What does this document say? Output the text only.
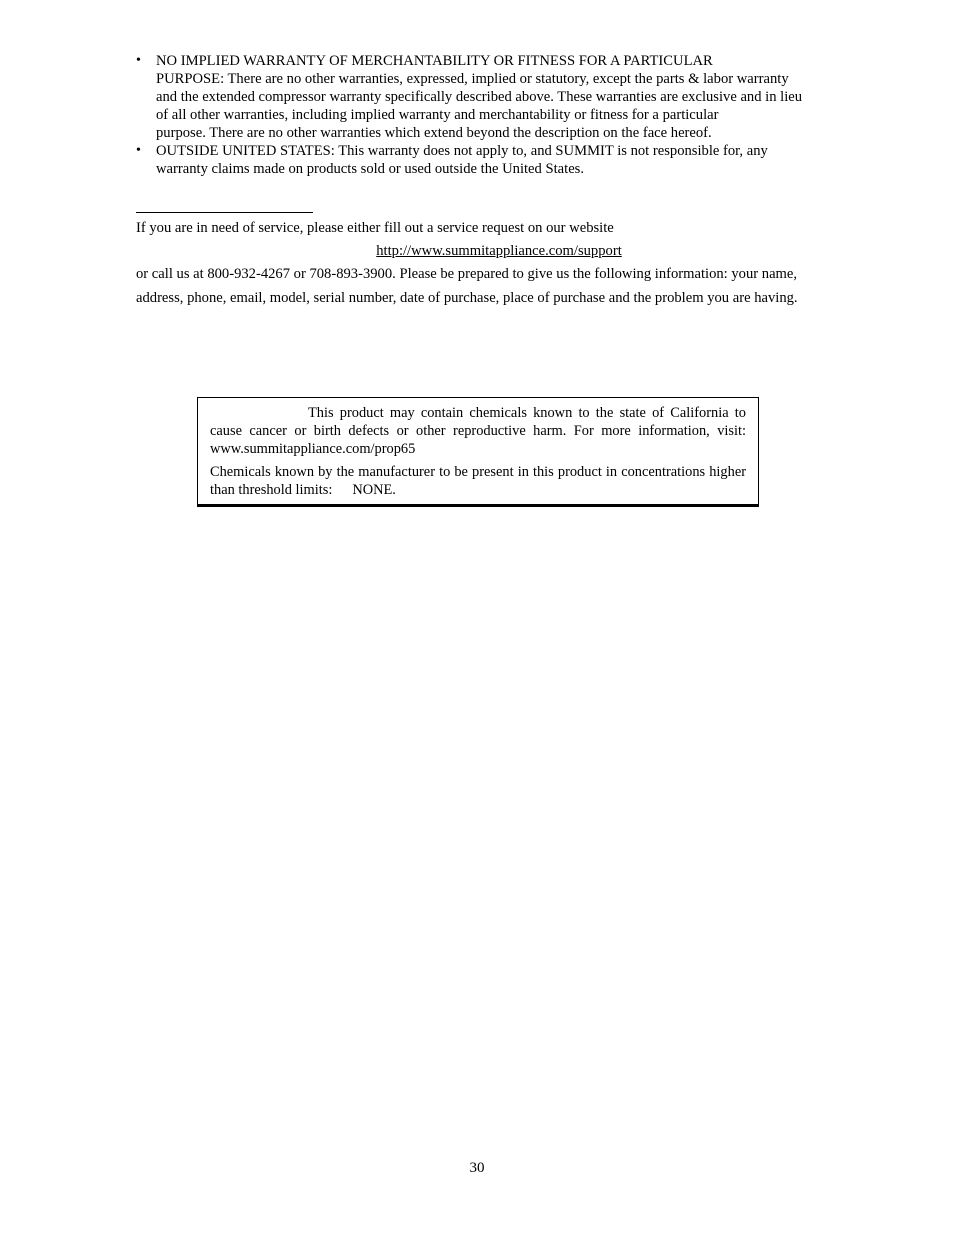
•	NO IMPLIED WARRANTY OF MERCHANTABILITY OR FITNESS FOR A PARTICULAR
PURPOSE: There are no other warranties, expressed, implied or statutory, except the parts & labor warranty
and the extended compressor warranty specifically described above. These warranties are exclusive and in lieu
of all other warranties, including implied warranty and merchantability or fitness for a particular
purpose. There are no other warranties which extend beyond the description on the face hereof.
•	OUTSIDE UNITED STATES: This warranty does not apply to, and SUMMIT is not responsible for, any
warranty claims made on products sold or used outside the United States.
If you are in need of service, please either fill out a service request on our website
http://www.summitappliance.com/support
or call us at 800-932-4267 or 708-893-3900. Please be prepared to give us the following information: your name,
address, phone, email, model, serial number, date of purchase, place of purchase and the problem you are having.

This product may contain chemicals known to the state of California to cause cancer or birth defects or other reproductive harm. For more information, visit: www.summitappliance.com/prop65

Chemicals known by the manufacturer to be present in this product in concentrations higher than threshold limits: NONE.

30
